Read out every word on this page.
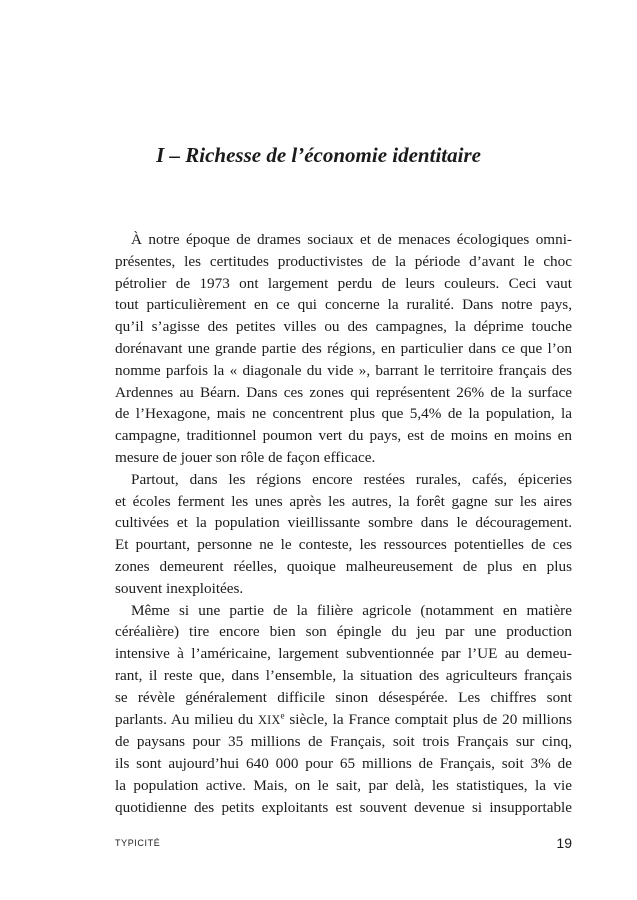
I – Richesse de l’économie identitaire
À notre époque de drames sociaux et de menaces écologiques omni-
présentes, les certitudes productivistes de la période d’avant le choc
pétrolier de 1973 ont largement perdu de leurs couleurs. Ceci vaut
tout particulièrement en ce qui concerne la ruralité. Dans notre pays,
qu’il s’agisse des petites villes ou des campagnes, la déprime touche
dorénavant une grande partie des régions, en particulier dans ce que l’on
nomme parfois la « diagonale du vide », barrant le territoire français des
Ardennes au Béarn. Dans ces zones qui représentent 26% de la surface
de l’Hexagone, mais ne concentrent plus que 5,4% de la population, la
campagne, traditionnel poumon vert du pays, est de moins en moins en
mesure de jouer son rôle de façon efficace.
Partout, dans les régions encore restées rurales, cafés, épiceries
et écoles ferment les unes après les autres, la forêt gagne sur les aires
cultivées et la population vieillissante sombre dans le découragement.
Et pourtant, personne ne le conteste, les ressources potentielles de ces
zones demeurent réelles, quoique malheureusement de plus en plus
souvent inexploitées.
Même si une partie de la filière agricole (notamment en matière
céréalière) tire encore bien son épingle du jeu par une production
intensive à l’américaine, largement subventionnée par l’UE au demeu-
rant, il reste que, dans l’ensemble, la situation des agriculteurs français
se révèle généralement difficile sinon désespérée. Les chiffres sont
parlants. Au milieu du XIXe siècle, la France comptait plus de 20 millions
de paysans pour 35 millions de Français, soit trois Français sur cinq,
ils sont aujourd’hui 640 000 pour 65 millions de Français, soit 3% de
la population active. Mais, on le sait, par delà, les statistiques, la vie
quotidienne des petits exploitants est souvent devenue si insupportable
TYPICITÉ	19
